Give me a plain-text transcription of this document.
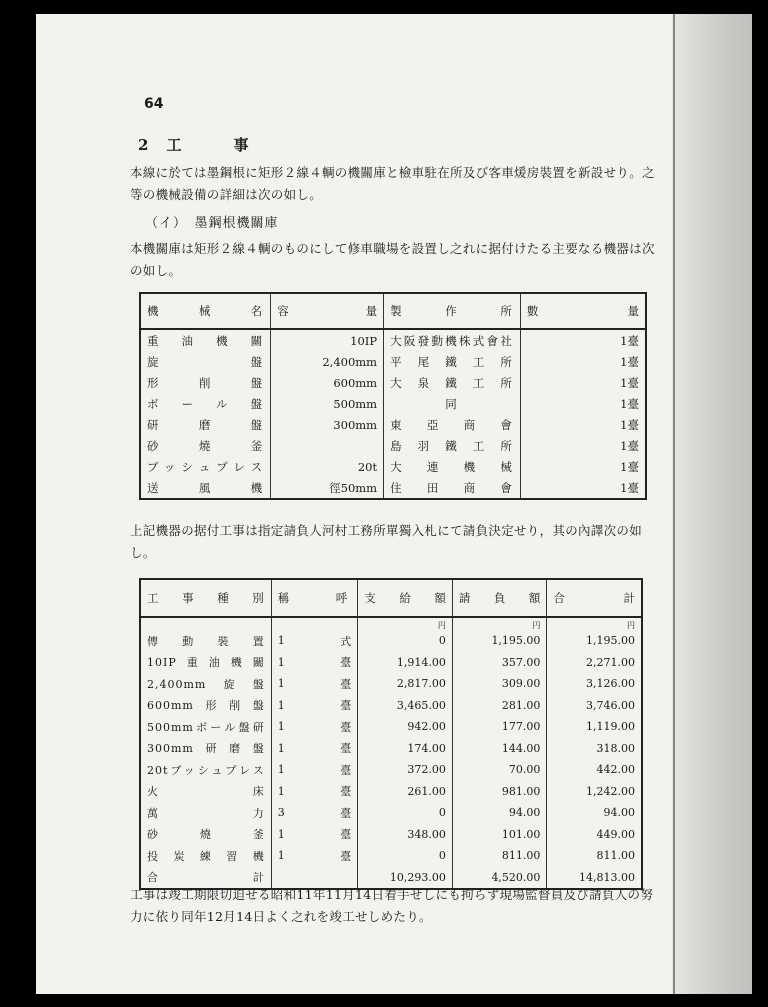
64
2 工	事
本線に於ては墨鋼根に矩形２線４輌の機關庫と檢車駐在所及び客車煖房裝置を新設せり。之等の機械設備の詳細は次の如し。
（イ）　墨鋼根機關庫
本機關庫は矩形２線４輌のものにして修車職場を設置し之れに据付けたる主要なる機器は次の如し。
機　械　名	容　　　量	製　作　所	數　　　量
重油機關	10IP	大阪發動機株式會社	1臺
旋盤	2,400mm	平尾鐵工所	1臺
形削盤	600mm	大泉鐵工所	1臺
ボール盤	500mm	同	1臺
研磨盤	300mm	東亞商會	1臺
砂燒釜		島羽鐵工所	1臺
ブッシュプレス	20t	大連機械	1臺
送風機	徑50mm	住田商會	1臺
上記機器の据付工事は指定請負人河村工務所單獨入札にて請負決定せり，其の內譯次の如し。
工　事　種　別	稱　呼		支　給　額	請　負　額	合　　計
			円	円	円
傳動裝置	1	式	0	1,195.00	1,195.00
10IP重油機關	1	臺	1,914.00	357.00	2,271.00
2,400mm旋盤	1	臺	2,817.00	309.00	3,126.00
600mm形削盤	1	臺	3,465.00	281.00	3,746.00
500mmボール盤研	1	臺	942.00	177.00	1,119.00
300mm研磨盤	1	臺	174.00	144.00	318.00
20tブッシュプレス	1	臺	372.00	70.00	442.00
火床	1	臺	261.00	981.00	1,242.00
萬力	3	臺	0	94.00	94.00
砂燒釜	1	臺	348.00	101.00	449.00
投炭練習機	1	臺	0	811.00	811.00
合計			10,293.00	4,520.00	14,813.00
工事は竣工期限切迫せる昭和11年11月14日着手せしにも拘らず現場監督員及び請負人の努力に依り同年12月14日よく之れを竣工せしめたり。
